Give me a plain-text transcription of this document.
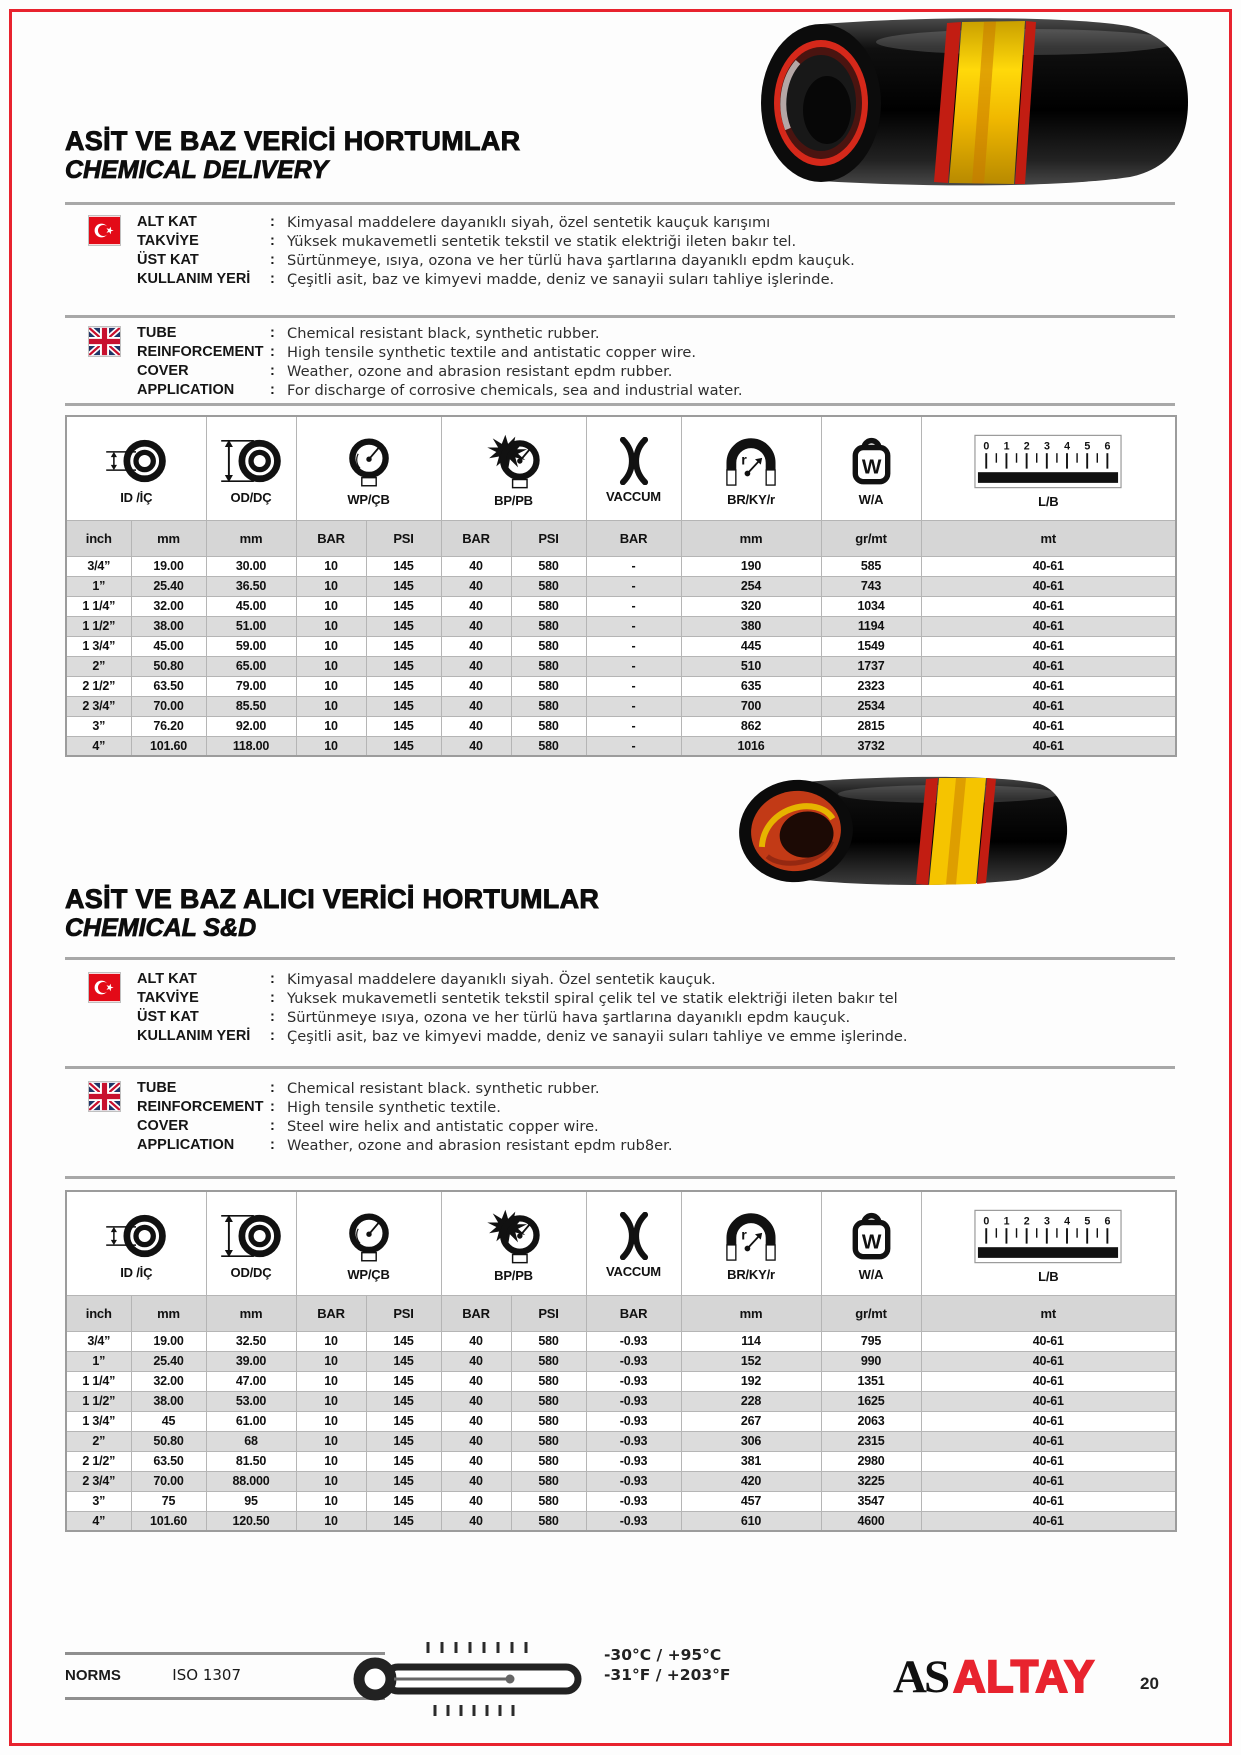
ASİT VE BAZ VERİCİ HORTUMLAR
CHEMICAL DELIVERY
ALT KAT	: Kimyasal maddelere dayanıklı siyah, özel sentetik kauçuk karışımı
TAKVİYE	: Yüksek mukavemetli sentetik tekstil ve statik elektriği ileten bakır tel.
ÜST KAT	: Sürtünmeye, ısıya, ozona ve her türlü hava şartlarına dayanıklı epdm kauçuk.
KULLANIM YERİ	: Çeşitli asit, baz ve kimyevi madde, deniz ve sanayii suları tahliye işlerinde.
TUBE	: Chemical resistant black, synthetic rubber.
REINFORCEMENT : High tensile synthetic textile and antistatic copper wire.
COVER	: Weather, ozone and abrasion resistant epdm rubber.
APPLICATION	: For discharge of corrosive chemicals, sea and industrial water.
ID /İÇ		OD/DÇ	WP/ÇB		BP/PB		VACCUM	BR/KY/r	W/A	L/B

inch	mm	mm	BAR	PSI	BAR	PSI	BAR	mm	gr/mt	mt
3/4”	19.00	30.00	10	145	40	580	-	190	585	40-61
1”	25.40	36.50	10	145	40	580	-	254	743	40-61
1 1/4”	32.00	45.00	10	145	40	580	-	320	1034	40-61
1 1/2”	38.00	51.00	10	145	40	580	-	380	1194	40-61
1 3/4”	45.00	59.00	10	145	40	580	-	445	1549	40-61
2”	50.80	65.00	10	145	40	580	-	510	1737	40-61
2 1/2”	63.50	79.00	10	145	40	580	-	635	2323	40-61
2 3/4”	70.00	85.50	10	145	40	580	-	700	2534	40-61
3”	76.20	92.00	10	145	40	580	-	862	2815	40-61
4”	101.60	118.00	10	145	40	580	-	1016	3732	40-61
ASİT VE BAZ ALICI VERİCİ HORTUMLAR
CHEMICAL S&D
ALT KAT	: Kimyasal maddelere dayanıklı siyah. Özel sentetik kauçuk.
TAKVİYE	: Yuksek mukavemetli sentetik tekstil spiral çelik tel ve statik elektriği ileten bakır tel
ÜST KAT	: Sürtünmeye ısıya, ozona ve her türlü hava şartlarına dayanıklı epdm kauçuk.
KULLANIM YERİ	: Çeşitli asit, baz ve kimyevi madde, deniz ve sanayii suları tahliye ve emme işlerinde.
TUBE	: Chemical resistant black. synthetic rubber.
REINFORCEMENT : High tensile synthetic textile.
COVER	: Steel wire helix and antistatic copper wire.
APPLICATION	: Weather, ozone and abrasion resistant epdm rub8er.
ID /İÇ		OD/DÇ	WP/ÇB		BP/PB		VACCUM	BR/KY/r	W/A	L/B

inch	mm	mm	BAR	PSI	BAR	PSI	BAR	mm	gr/mt	mt
3/4”	19.00	32.50	10	145	40	580	-0.93	114	795	40-61
1”	25.40	39.00	10	145	40	580	-0.93	152	990	40-61
1 1/4”	32.00	47.00	10	145	40	580	-0.93	192	1351	40-61
1 1/2”	38.00	53.00	10	145	40	580	-0.93	228	1625	40-61
1 3/4”	45	61.00	10	145	40	580	-0.93	267	2063	40-61
2”	50.80	68	10	145	40	580	-0.93	306	2315	40-61
2 1/2”	63.50	81.50	10	145	40	580	-0.93	381	2980	40-61
2 3/4”	70.00	88.000	10	145	40	580	-0.93	420	3225	40-61
3”	75	95	10	145	40	580	-0.93	457	3547	40-61
4”	101.60	120.50	10	145	40	580	-0.93	610	4600	40-61
NORMS	ISO 1307
-30°C / +95°C
-31°F / +203°F	AS ALTAY	20
